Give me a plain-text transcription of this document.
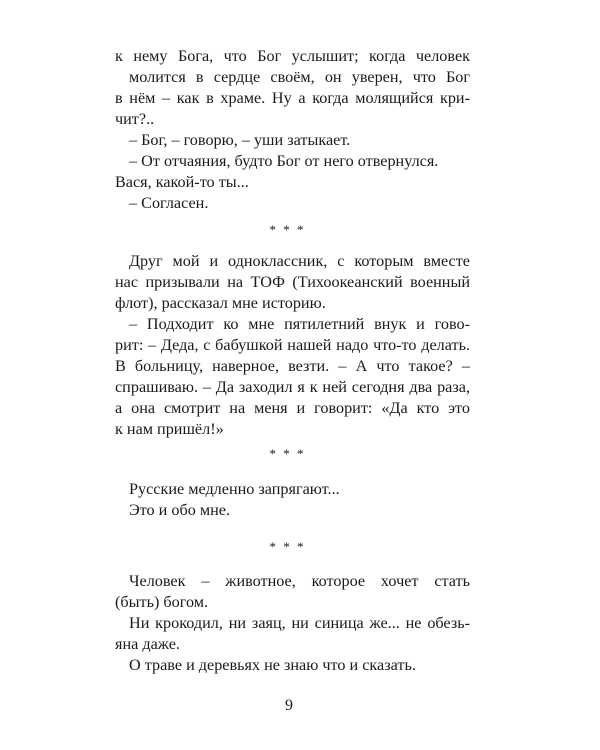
к нему Бога, что Бог услышит; когда человек
молится в сердце своём, он уверен, что Бог
в нём – как в храме. Ну а когда молящийся кри-
чит?..
– Бог, – говорю, – уши затыкает.
– От отчаяния, будто Бог от него отвернулся.
Вася, какой-то ты...
– Согласен.
* * *
Друг мой и одноклассник, с которым вместе
нас призывали на ТОФ (Тихоокеанский военный
флот), рассказал мне историю.
– Подходит ко мне пятилетний внук и гово-
рит: – Деда, с бабушкой нашей надо что-то делать.
В больницу, наверное, везти. – А что такое? –
спрашиваю. – Да заходил я к ней сегодня два раза,
а она смотрит на меня и говорит: «Да кто это
к нам пришёл!»
* * *
Русские медленно запрягают...
Это и обо мне.
* * *
Человек – животное, которое хочет стать
(быть) богом.
Ни крокодил, ни заяц, ни синица же... не обезь-
яна даже.
О траве и деревьях не знаю что и сказать.
9
